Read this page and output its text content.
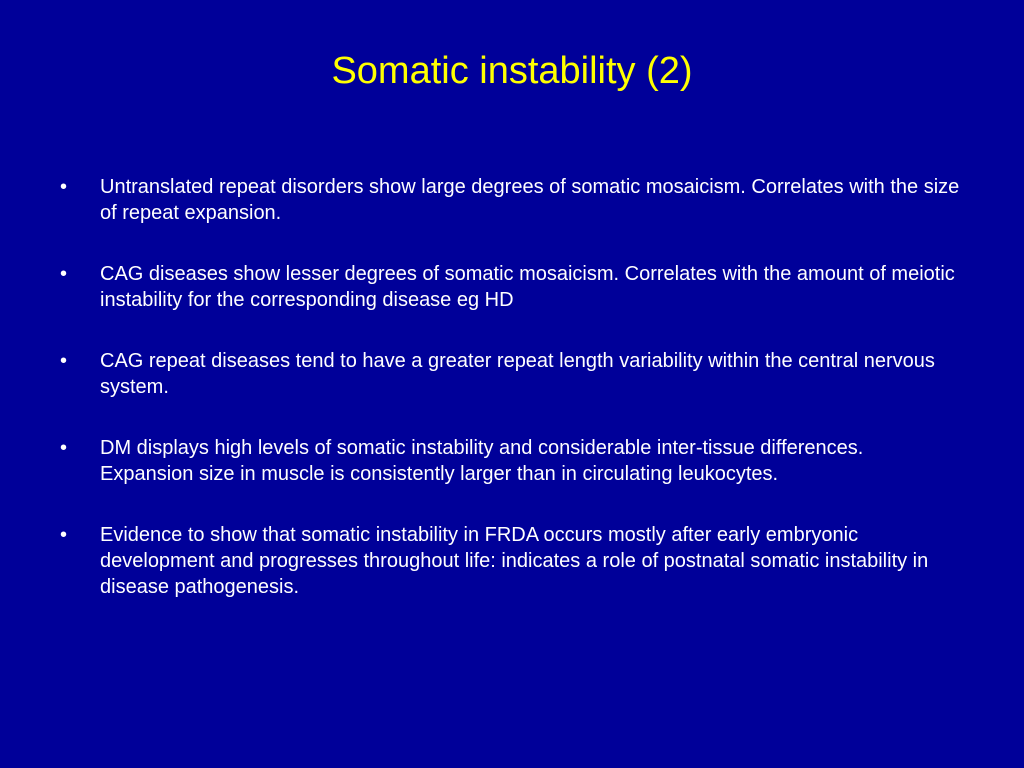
Somatic instability (2)
•	Untranslated repeat disorders show large degrees of somatic mosaicism. Correlates with the size of repeat expansion.
•	CAG diseases show lesser degrees of somatic mosaicism. Correlates with the amount of meiotic instability for the corresponding disease eg HD
•	CAG repeat diseases tend to have a greater repeat length variability within the central nervous system.
•	DM displays high levels of somatic instability and considerable inter-tissue differences. Expansion size in muscle is consistently larger than in circulating leukocytes.
•	Evidence to show that somatic instability in FRDA occurs mostly after early embryonic development and progresses throughout life: indicates a role of postnatal somatic instability in disease pathogenesis.
